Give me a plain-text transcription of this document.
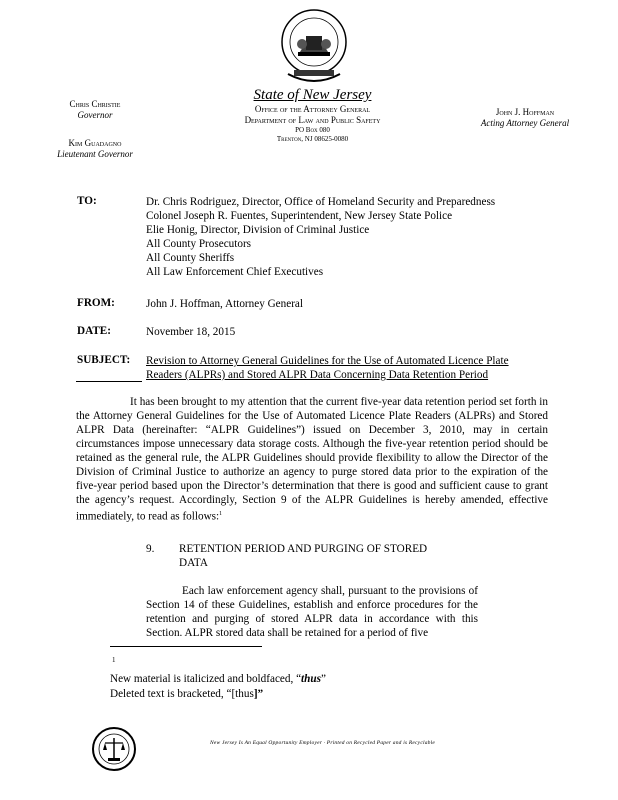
Chris Christie
Governor
Kim Guadagno
Lieutenant Governor
State of New Jersey
Office of the Attorney General
Department of Law and Public Safety
PO Box 080
Trenton, NJ 08625-0080
John J. Hoffman
Acting Attorney General
TO:	Dr. Chris Rodriguez, Director, Office of Homeland Security and Preparedness
Colonel Joseph R. Fuentes, Superintendent, New Jersey State Police
Elie Honig, Director, Division of Criminal Justice
All County Prosecutors
All County Sheriffs
All Law Enforcement Chief Executives
FROM:	John J. Hoffman, Attorney General
DATE:	November 18, 2015
SUBJECT: Revision to Attorney General Guidelines for the Use of Automated Licence Plate
Readers (ALPRs) and Stored ALPR Data Concerning Data Retention Period

It has been brought to my attention that the current five-year data retention period set forth in the Attorney General Guidelines for the Use of Automated Licence Plate Readers (ALPRs) and Stored ALPR Data (hereinafter: “ALPR Guidelines”) issued on December 3, 2010, may in certain circumstances impose unnecessary data storage costs. Although the five-year retention period should be retained as the general rule, the ALPR Guidelines should provide flexibility to allow the Director of the Division of Criminal Justice to authorize an agency to purge stored data prior to the expiration of the five-year period based upon the Director’s determination that there is good and sufficient cause to grant the agency’s request. Accordingly, Section 9 of the ALPR Guidelines is hereby amended, effective immediately, to read as follows:$^1$

9. RETENTION PERIOD AND PURGING OF STORED
DATA

Each law enforcement agency shall, pursuant to the provisions of Section 14 of these Guidelines, establish and enforce procedures for the retention and purging of stored ALPR data in accordance with this Section. ALPR stored data shall be retained for a period of five

1
New material is italicized and boldfaced, “thus”
Deleted text is bracketed, “[thus]”
New Jersey Is An Equal Opportunity Employer · Printed on Recycled Paper and is Recyclable
